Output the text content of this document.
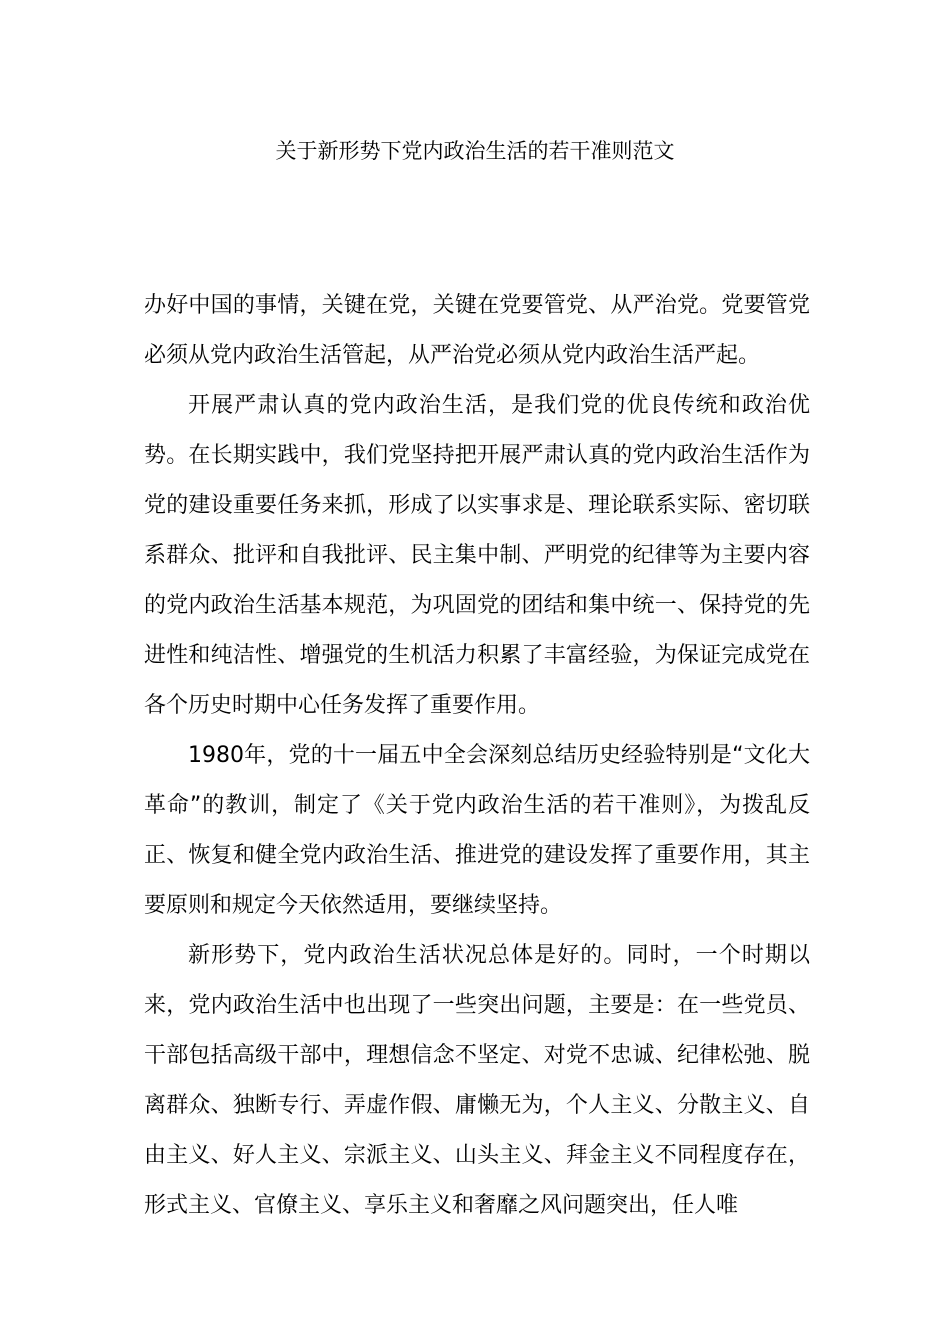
关于新形势下党内政治生活的若干准则范文

办好中国的事情，关键在党，关键在党要管党、从严治党。党要管党必须从党内政治生活管起，从严治党必须从党内政治生活严起。

开展严肃认真的党内政治生活，是我们党的优良传统和政治优势。在长期实践中，我们党坚持把开展严肃认真的党内政治生活作为党的建设重要任务来抓，形成了以实事求是、理论联系实际、密切联系群众、批评和自我批评、民主集中制、严明党的纪律等为主要内容的党内政治生活基本规范，为巩固党的团结和集中统一、保持党的先进性和纯洁性、增强党的生机活力积累了丰富经验，为保证完成党在各个历史时期中心任务发挥了重要作用。

1980年，党的十一届五中全会深刻总结历史经验特别是“文化大革命”的教训，制定了《关于党内政治生活的若干准则》，为拨乱反正、恢复和健全党内政治生活、推进党的建设发挥了重要作用，其主要原则和规定今天依然适用，要继续坚持。

新形势下，党内政治生活状况总体是好的。同时，一个时期以来，党内政治生活中也出现了一些突出问题，主要是：在一些党员、干部包括高级干部中，理想信念不坚定、对党不忠诚、纪律松弛、脱离群众、独断专行、弄虚作假、庸懒无为，个人主义、分散主义、自由主义、好人主义、宗派主义、山头主义、拜金主义不同程度存在，形式主义、官僚主义、享乐主义和奢靡之风问题突出，任人唯
